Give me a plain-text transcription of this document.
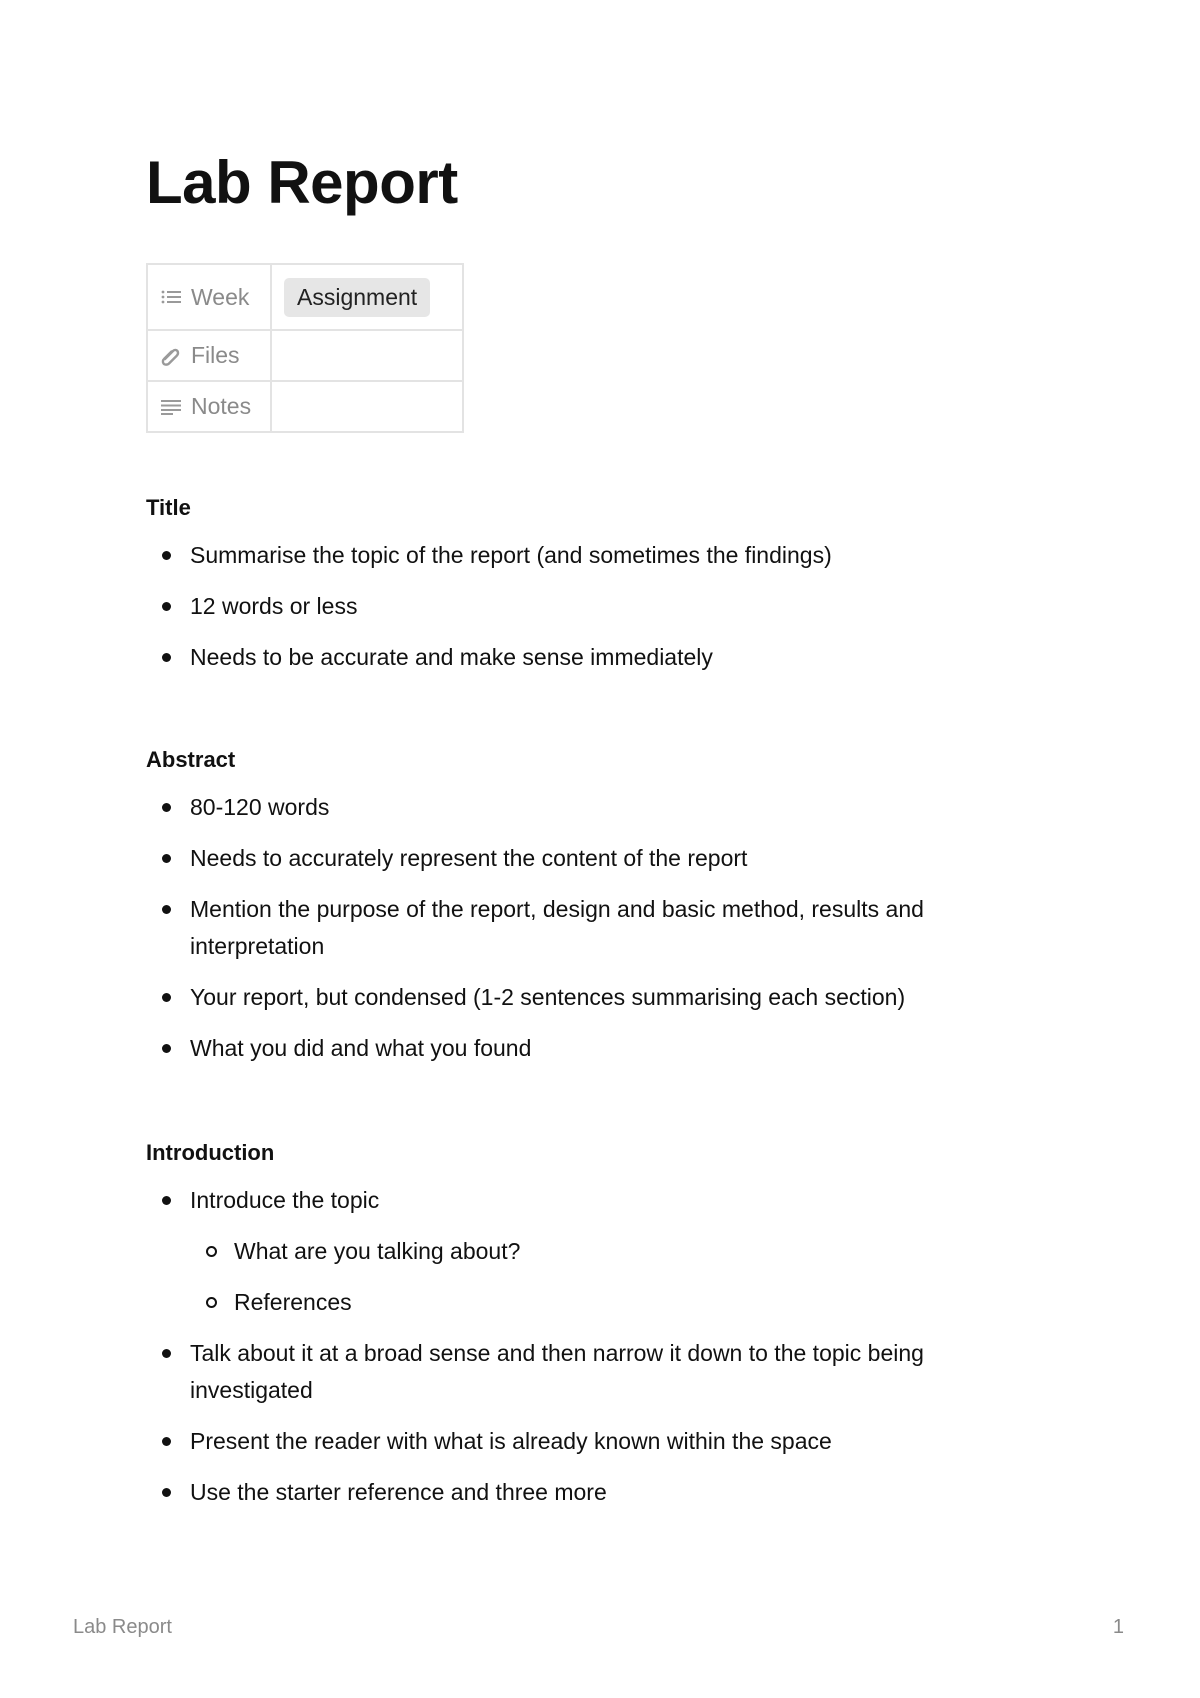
Lab Report
Week	Assignment

Files	

Notes	

Title
Summarise the topic of the report (and sometimes the findings)
12 words or less
Needs to be accurate and make sense immediately
Abstract
80-120 words
Needs to accurately represent the content of the report
Mention the purpose of the report, design and basic method, results and interpretation
Your report, but condensed (1-2 sentences summarising each section)
What you did and what you found
Introduction
Introduce the topic
What are you talking about?
References
Talk about it at a broad sense and then narrow it down to the topic being investigated
Present the reader with what is already known within the space
Use the starter reference and three more
Lab Report	1
